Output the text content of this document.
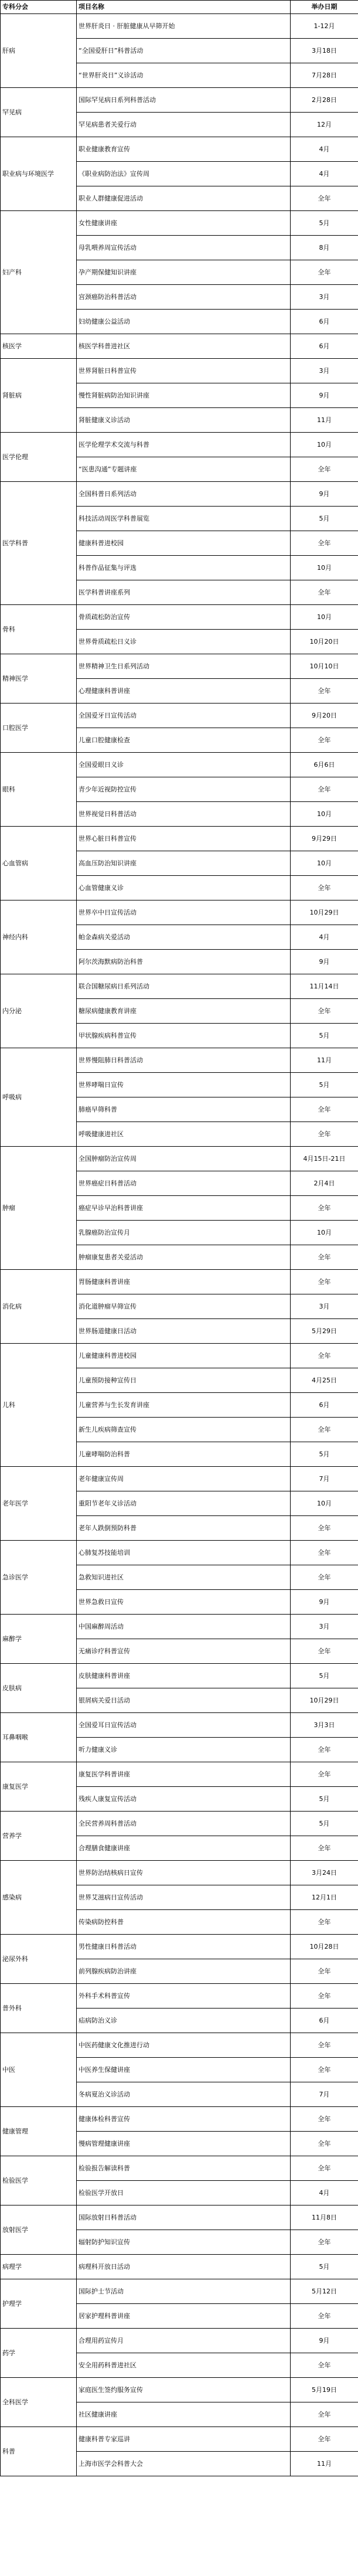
专科分会	项目名称	举办日期
肝病	世界肝炎日 · 肝脏健康从早筛开始	1-12月
	“全国爱肝日”科普活动	3月18日
	“世界肝炎日”义诊活动	7月28日
罕见病	国际罕见病日系列科普活动	2月28日
	罕见病患者关爱行动	12月
职业病与环境医学	职业健康教育宣传	4月
	《职业病防治法》宣传周	4月
	职业人群健康促进活动	全年
妇产科	女性健康讲座	5月
	母乳喂养周宣传活动	8月
	孕产期保健知识讲座	全年
	宫颈癌防治科普活动	3月
	妇幼健康公益活动	6月
核医学	核医学科普进社区	6月
肾脏病	世界肾脏日科普宣传	3月
	慢性肾脏病防治知识讲座	9月
	肾脏健康义诊活动	11月
医学伦理	医学伦理学术交流与科普	10月
	“医患沟通”专题讲座	全年
医学科普	全国科普日系列活动	9月
	科技活动周医学科普展览	5月
	健康科普进校园	全年
	科普作品征集与评选	10月
	医学科普讲座系列	全年
骨科	骨质疏松防治宣传	10月
	世界骨质疏松日义诊	10月20日
精神医学	世界精神卫生日系列活动	10月10日
	心理健康科普讲座	全年
口腔医学	全国爱牙日宣传活动	9月20日
	儿童口腔健康检查	全年
眼科	全国爱眼日义诊	6月6日
	青少年近视防控宣传	全年
	世界视觉日科普活动	10月
心血管病	世界心脏日科普宣传	9月29日
	高血压防治知识讲座	10月
	心血管健康义诊	全年
神经内科	世界卒中日宣传活动	10月29日
	帕金森病关爱活动	4月
	阿尔茨海默病防治科普	9月
内分泌	联合国糖尿病日系列活动	11月14日
	糖尿病健康教育讲座	全年
	甲状腺疾病科普宣传	5月
呼吸病	世界慢阻肺日科普活动	11月
	世界哮喘日宣传	5月
	肺癌早筛科普	全年
	呼吸健康进社区	全年
肿瘤	全国肿瘤防治宣传周	4月15日-21日
	世界癌症日科普活动	2月4日
	癌症早诊早治科普讲座	全年
	乳腺癌防治宣传月	10月
	肿瘤康复患者关爱活动	全年
消化病	胃肠健康科普讲座	全年
	消化道肿瘤早筛宣传	3月
	世界肠道健康日活动	5月29日
儿科	儿童健康科普进校园	全年
	儿童预防接种宣传日	4月25日
	儿童营养与生长发育讲座	6月
	新生儿疾病筛查宣传	全年
	儿童哮喘防治科普	5月
老年医学	老年健康宣传周	7月
	重阳节老年义诊活动	10月
	老年人跌倒预防科普	全年
急诊医学	心肺复苏技能培训	全年
	急救知识进社区	全年
	世界急救日宣传	9月
麻醉学	中国麻醉周活动	3月
	无痛诊疗科普宣传	全年
皮肤病	皮肤健康科普讲座	5月
	银屑病关爱日活动	10月29日
耳鼻咽喉	全国爱耳日宣传活动	3月3日
	听力健康义诊	全年
康复医学	康复医学科普讲座	全年
	残疾人康复宣传活动	5月
营养学	全民营养周科普活动	5月
	合理膳食健康讲座	全年
感染病	世界防治结核病日宣传	3月24日
	世界艾滋病日宣传活动	12月1日
	传染病防控科普	全年
泌尿外科	男性健康日科普活动	10月28日
	前列腺疾病防治讲座	全年
普外科	外科手术科普宣传	全年
	疝病防治义诊	6月
中医	中医药健康文化推进行动	全年
	中医养生保健讲座	全年
	冬病夏治义诊活动	7月
健康管理	健康体检科普宣传	全年
	慢病管理健康讲座	全年
检验医学	检验报告解读科普	全年
	检验医学开放日	4月
放射医学	国际放射日科普活动	11月8日
	辐射防护知识宣传	全年
病理学	病理科开放日活动	5月
护理学	国际护士节活动	5月12日
	居家护理科普讲座	全年
药学	合理用药宣传月	9月
	安全用药科普进社区	全年
全科医学	家庭医生签约服务宣传	5月19日
	社区健康讲座	全年
科普	健康科普专家巡讲	全年
	上海市医学会科普大会	11月
